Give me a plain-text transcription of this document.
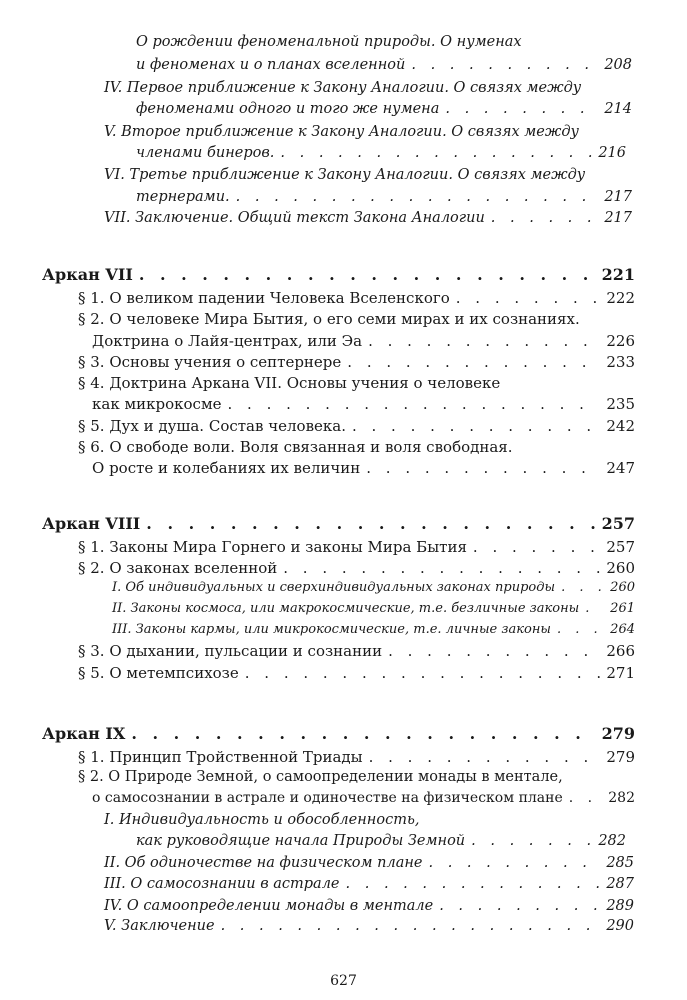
О рождении феноменальной природы. О нуменах
и феноменах и о планах вселенной . . .	208
IV. Первое приближение к Закону Аналогии. О связях между
феноменами одного и того же нумена . . .	214
V. Второе приближение к Закону Аналогии. О связях между
членами бинеров. . . .	216
VI. Третье приближение к Закону Аналогии. О связях между
тернерами. . . .	217
VII. Заключение. Общий текст Закона Аналогии . . .	217
Аркан VII . . .	221
§ 1. О великом падении Человека Вселенского . . .	222
§ 2. О человеке Мира Бытия, о его семи мирах и их сознаниях.
Доктрина о Лайя-центрах, или Эа . . .	226
§ 3. Основы учения о септернере . . .	233
§ 4. Доктрина Аркана VII. Основы учения о человеке
как микрокосме . . .	235
§ 5. Дух и душа. Состав человека. . . .	242
§ 6. О свободе воли. Воля связанная и воля свободная.
О росте и колебаниях их величин . . .	247
Аркан VIII . . .	257
§ 1. Законы Мира Горнего и законы Мира Бытия . . .	257
§ 2. О законах вселенной . . .	260
I. Об индивидуальных и сверхиндивидуальных законах природы . . .	260
II. Законы космоса, или макрокосмические, т.е. безличные законы . . . 261
III. Законы кармы, или микрокосмические, т.е. личные законы . . .	264
§ 3. О дыхании, пульсации и сознании . . .	266
§ 5. О метемпсихозе . . .	271
Аркан IX . . .	279
§ 1. Принцип Тройственной Триады . . .	279
§ 2. О Природе Земной, о самоопределении монады в ментале,
о самосознании в астрале и одиночестве на физическом плане . . .	282
I. Индивидуальность и обособленность,
как руководящие начала Природы Земной . . .	282
II. Об одиночестве на физическом плане . . .	285
III. О самосознании в астрале . . .	287
IV. О самоопределении монады в ментале . . .	289
V. Заключение . . .	290
627
